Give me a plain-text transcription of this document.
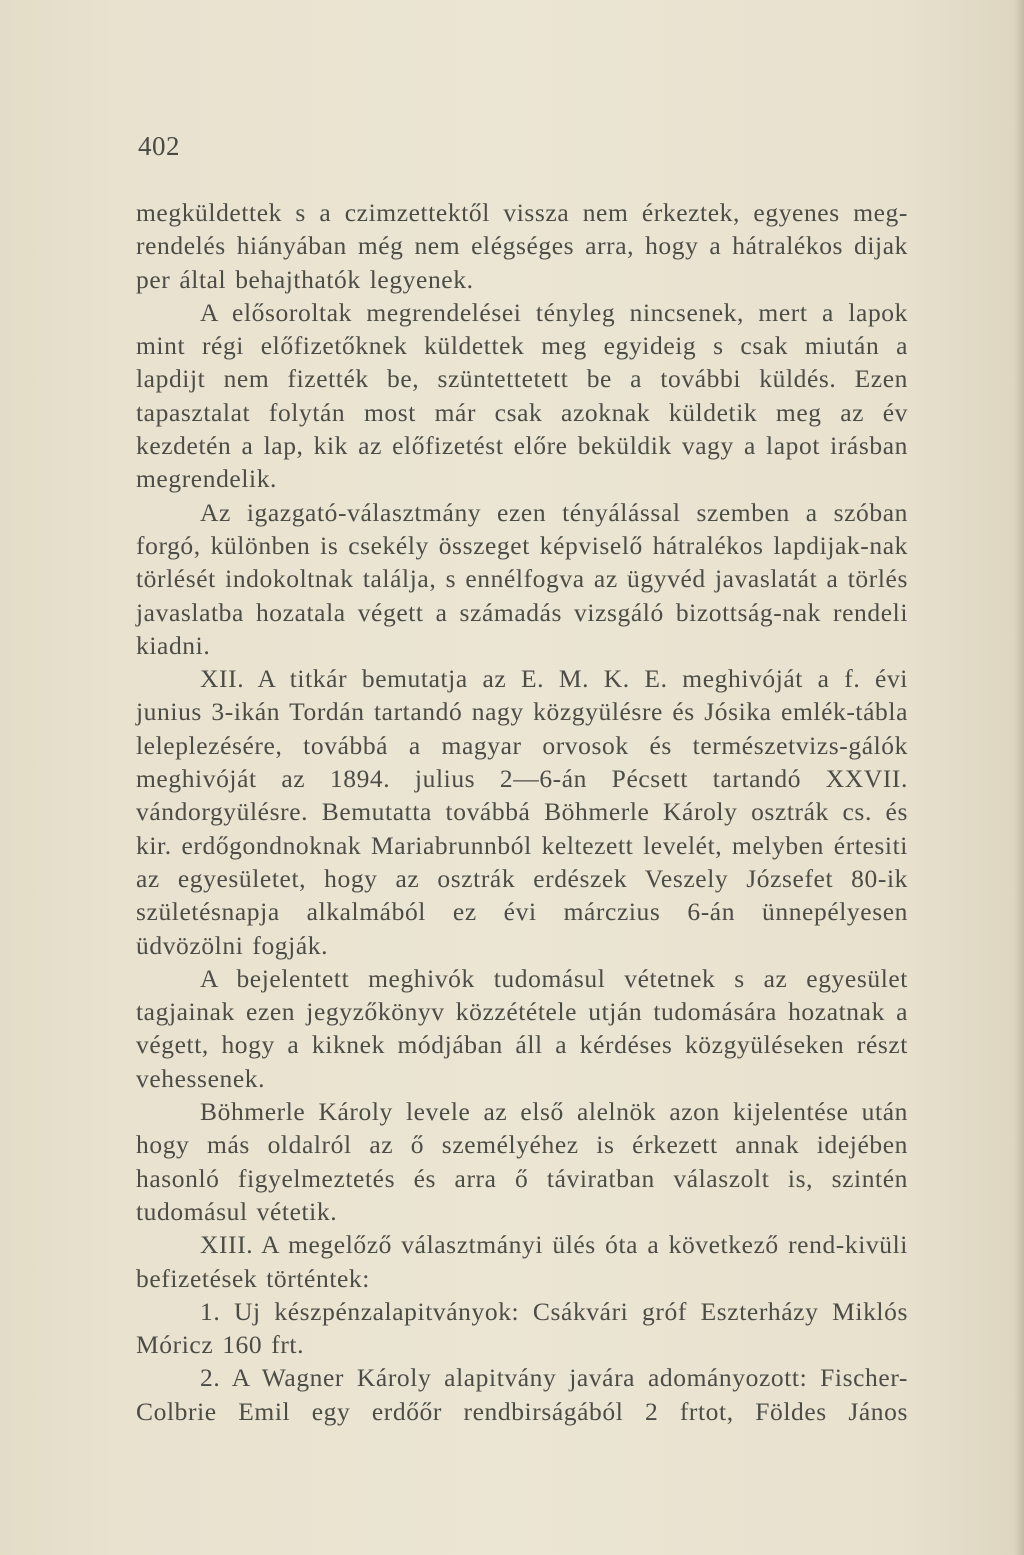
402

megküldettek s a czimzettektől vissza nem érkeztek, egyenes meg-rendelés hiányában még nem elégséges arra, hogy a hátralékos dijak per által behajthatók legyenek.

A elősoroltak megrendelései tényleg nincsenek, mert a lapok mint régi előfizetőknek küldettek meg egyideig s csak miután a lapdijt nem fizették be, szüntettetett be a további küldés. Ezen tapasztalat folytán most már csak azoknak küldetik meg az év kezdetén a lap, kik az előfizetést előre beküldik vagy a lapot irásban megrendelik.

Az igazgató-választmány ezen tényálással szemben a szóban forgó, különben is csekély összeget képviselő hátralékos lapdijak-nak törlését indokoltnak találja, s ennélfogva az ügyvéd javaslatát a törlés javaslatba hozatala végett a számadás vizsgáló bizottság-nak rendeli kiadni.

XII. A titkár bemutatja az E. M. K. E. meghivóját a f. évi junius 3-ikán Tordán tartandó nagy közgyülésre és Jósika emlék-tábla leleplezésére, továbbá a magyar orvosok és természetvizs-gálók meghivóját az 1894. julius 2—6-án Pécsett tartandó XXVII. vándorgyülésre. Bemutatta továbbá Böhmerle Károly osztrák cs. és kir. erdőgondnoknak Mariabrunnból keltezett levelét, melyben értesiti az egyesületet, hogy az osztrák erdészek Veszely Józsefet 80-ik születésnapja alkalmából ez évi márczius 6-án ünnepélyesen üdvözölni fogják.

A bejelentett meghivók tudomásul vétetnek s az egyesület tagjainak ezen jegyzőkönyv közzététele utján tudomására hozatnak a végett, hogy a kiknek módjában áll a kérdéses közgyüléseken részt vehessenek.

Böhmerle Károly levele az első alelnök azon kijelentése után hogy más oldalról az ő személyéhez is érkezett annak idejében hasonló figyelmeztetés és arra ő táviratban válaszolt is, szintén tudomásul vétetik.

XIII. A megelőző választmányi ülés óta a következő rend-kivüli befizetések történtek:

1. Uj készpénzalapitványok: Csákvári gróf Eszterházy Miklós Móricz 160 frt.

2. A Wagner Károly alapitvány javára adományozott: Fischer-Colbrie Emil egy erdőőr rendbirságából 2 frtot, Földes János
